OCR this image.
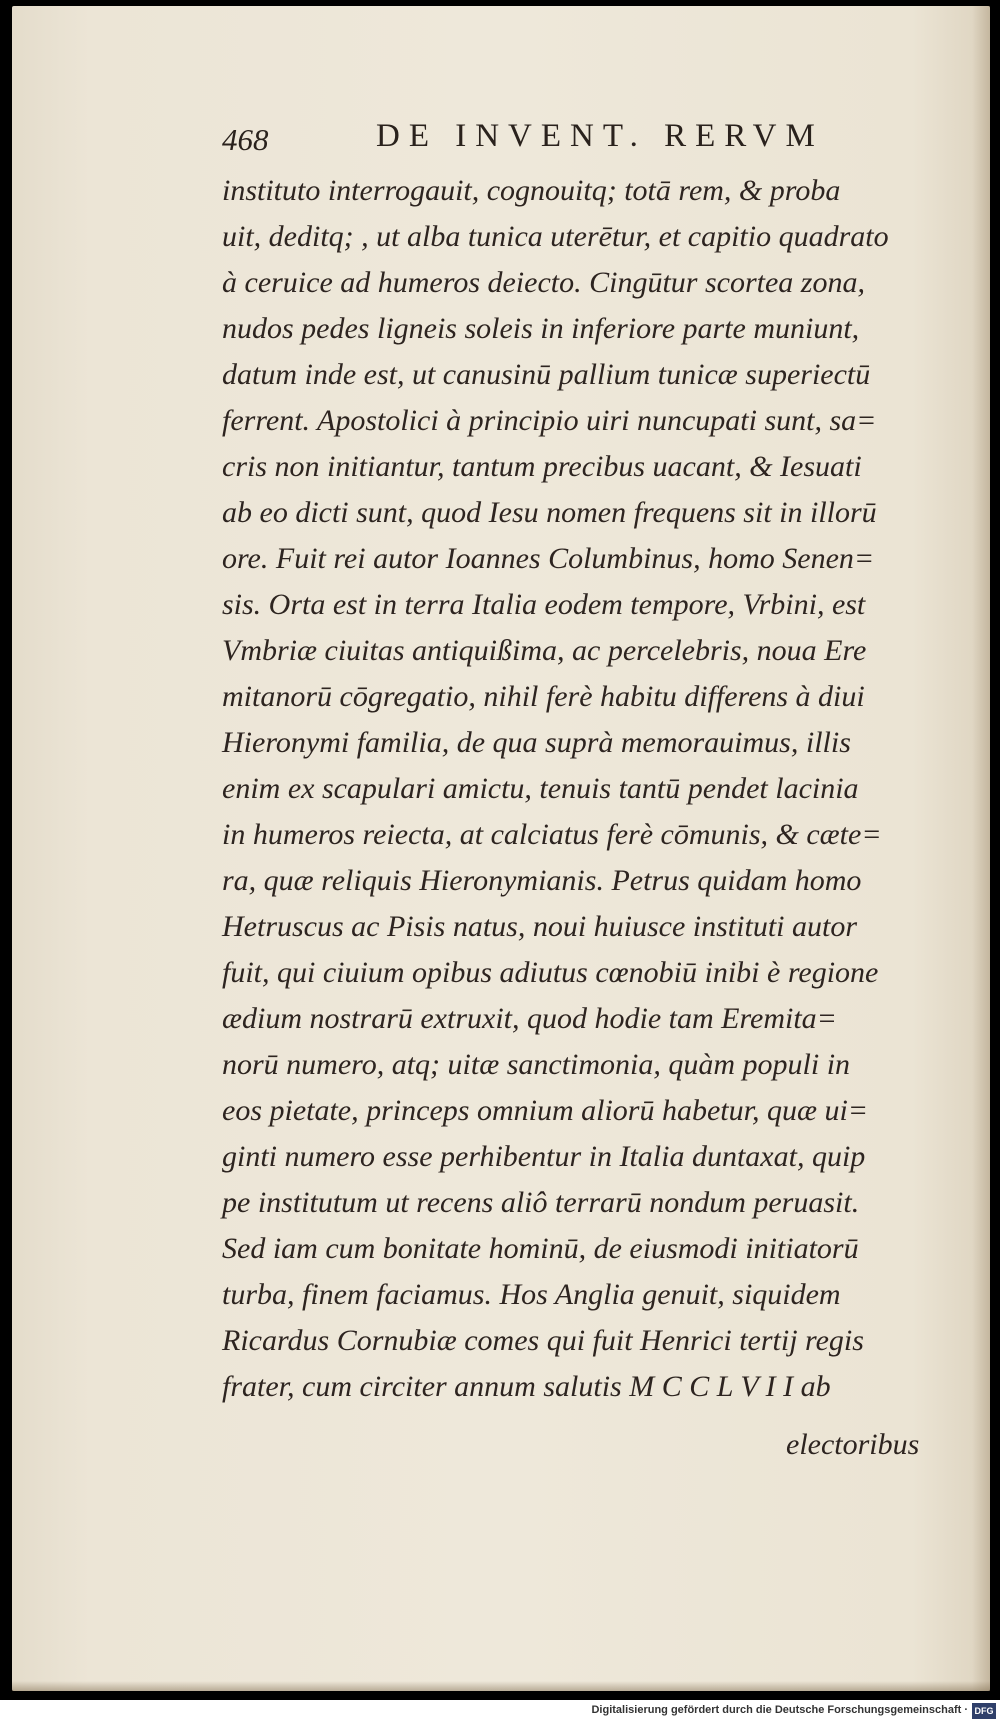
468	DE INVENT. RERVM
instituto interrogauit, cognouitq; totā rem, & proba
uit, deditq; , ut alba tunica uterētur, et capitio quadrato
à ceruice ad humeros deiecto. Cingūtur scortea zona,
nudos pedes ligneis soleis in inferiore parte muniunt,
datum inde est, ut canusinū pallium tunicæ superiectū
ferrent. Apostolici à principio uiri nuncupati sunt, sa=
cris non initiantur, tantum precibus uacant, & Iesuati
ab eo dicti sunt, quod Iesu nomen frequens sit in illorū
ore. Fuit rei autor Ioannes Columbinus, homo Senen=
sis. Orta est in terra Italia eodem tempore, Vrbini, est
Vmbriæ ciuitas antiquißima, ac percelebris, noua Ere
mitanorū cōgregatio, nihil ferè habitu differens à diui
Hieronymi familia, de qua suprà memorauimus, illis
enim ex scapulari amictu, tenuis tantū pendet lacinia
in humeros reiecta, at calciatus ferè cōmunis, & cæte=
ra, quæ reliquis Hieronymianis. Petrus quidam homo
Hetruscus ac Pisis natus, noui huiusce instituti autor
fuit, qui ciuium opibus adiutus cœnobiū inibi è regione
ædium nostrarū extruxit, quod hodie tam Eremita=
norū numero, atq; uitæ sanctimonia, quàm populi in
eos pietate, princeps omnium aliorū habetur, quæ ui=
ginti numero esse perhibentur in Italia duntaxat, quip
pe institutum ut recens aliô terrarū nondum peruasit.
Sed iam cum bonitate hominū, de eiusmodi initiatorū
turba, finem faciamus. Hos Anglia genuit, siquidem
Ricardus Cornubiæ comes qui fuit Henrici tertij regis
frater, cum circiter annum salutis M C C L V I I ab
electoribus
Digitalisierung gefördert durch die Deutsche Forschungsgemeinschaft · DFG
